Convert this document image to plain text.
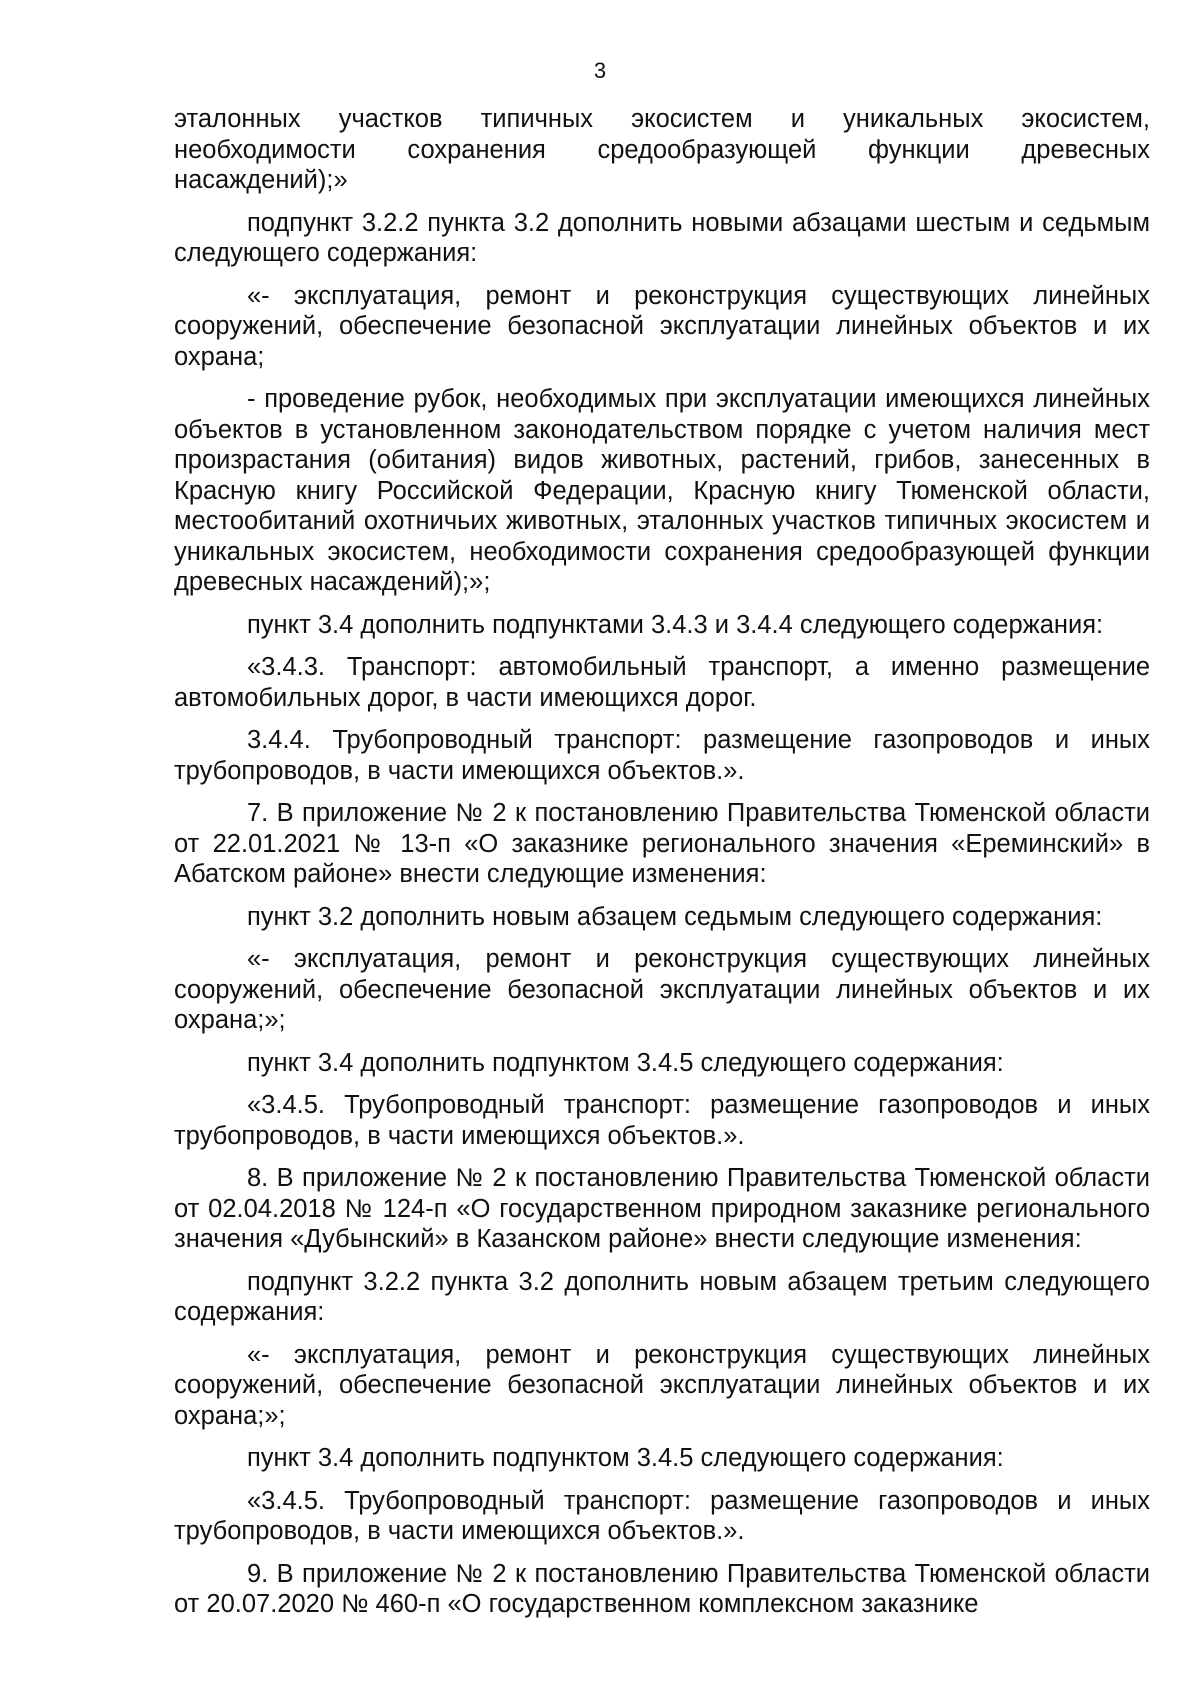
3

эталонных участков типичных экосистем и уникальных экосистем, необходимости сохранения средообразующей функции древесных насаждений);»

подпункт 3.2.2 пункта 3.2 дополнить новыми абзацами шестым и седьмым следующего содержания:

«- эксплуатация, ремонт и реконструкция существующих линейных сооружений, обеспечение безопасной эксплуатации линейных объектов и их охрана;

- проведение рубок, необходимых при эксплуатации имеющихся линейных объектов в установленном законодательством порядке с учетом наличия мест произрастания (обитания) видов животных, растений, грибов, занесенных в Красную книгу Российской Федерации, Красную книгу Тюменской области, местообитаний охотничьих животных, эталонных участков типичных экосистем и уникальных экосистем, необходимости сохранения средообразующей функции древесных насаждений);»;

пункт 3.4 дополнить подпунктами 3.4.3 и 3.4.4 следующего содержания:

«3.4.3. Транспорт: автомобильный транспорт, а именно размещение автомобильных дорог, в части имеющихся дорог.

3.4.4. Трубопроводный транспорт: размещение газопроводов и иных трубопроводов, в части имеющихся объектов.».

7. В приложение № 2 к постановлению Правительства Тюменской области от 22.01.2021 № 13-п «О заказнике регионального значения «Ереминский» в Абатском районе» внести следующие изменения:

пункт 3.2 дополнить новым абзацем седьмым следующего содержания:

«- эксплуатация, ремонт и реконструкция существующих линейных сооружений, обеспечение безопасной эксплуатации линейных объектов и их охрана;»;

пункт 3.4 дополнить подпунктом 3.4.5 следующего содержания:

«3.4.5. Трубопроводный транспорт: размещение газопроводов и иных трубопроводов, в части имеющихся объектов.».

8. В приложение № 2 к постановлению Правительства Тюменской области от 02.04.2018 № 124-п «О государственном природном заказнике регионального значения «Дубынский» в Казанском районе» внести следующие изменения:

подпункт 3.2.2 пункта 3.2 дополнить новым абзацем третьим следующего содержания:

«- эксплуатация, ремонт и реконструкция существующих линейных сооружений, обеспечение безопасной эксплуатации линейных объектов и их охрана;»;

пункт 3.4 дополнить подпунктом 3.4.5 следующего содержания:

«3.4.5. Трубопроводный транспорт: размещение газопроводов и иных трубопроводов, в части имеющихся объектов.».

9. В приложение № 2 к постановлению Правительства Тюменской области от 20.07.2020 № 460-п «О государственном комплексном заказнике
